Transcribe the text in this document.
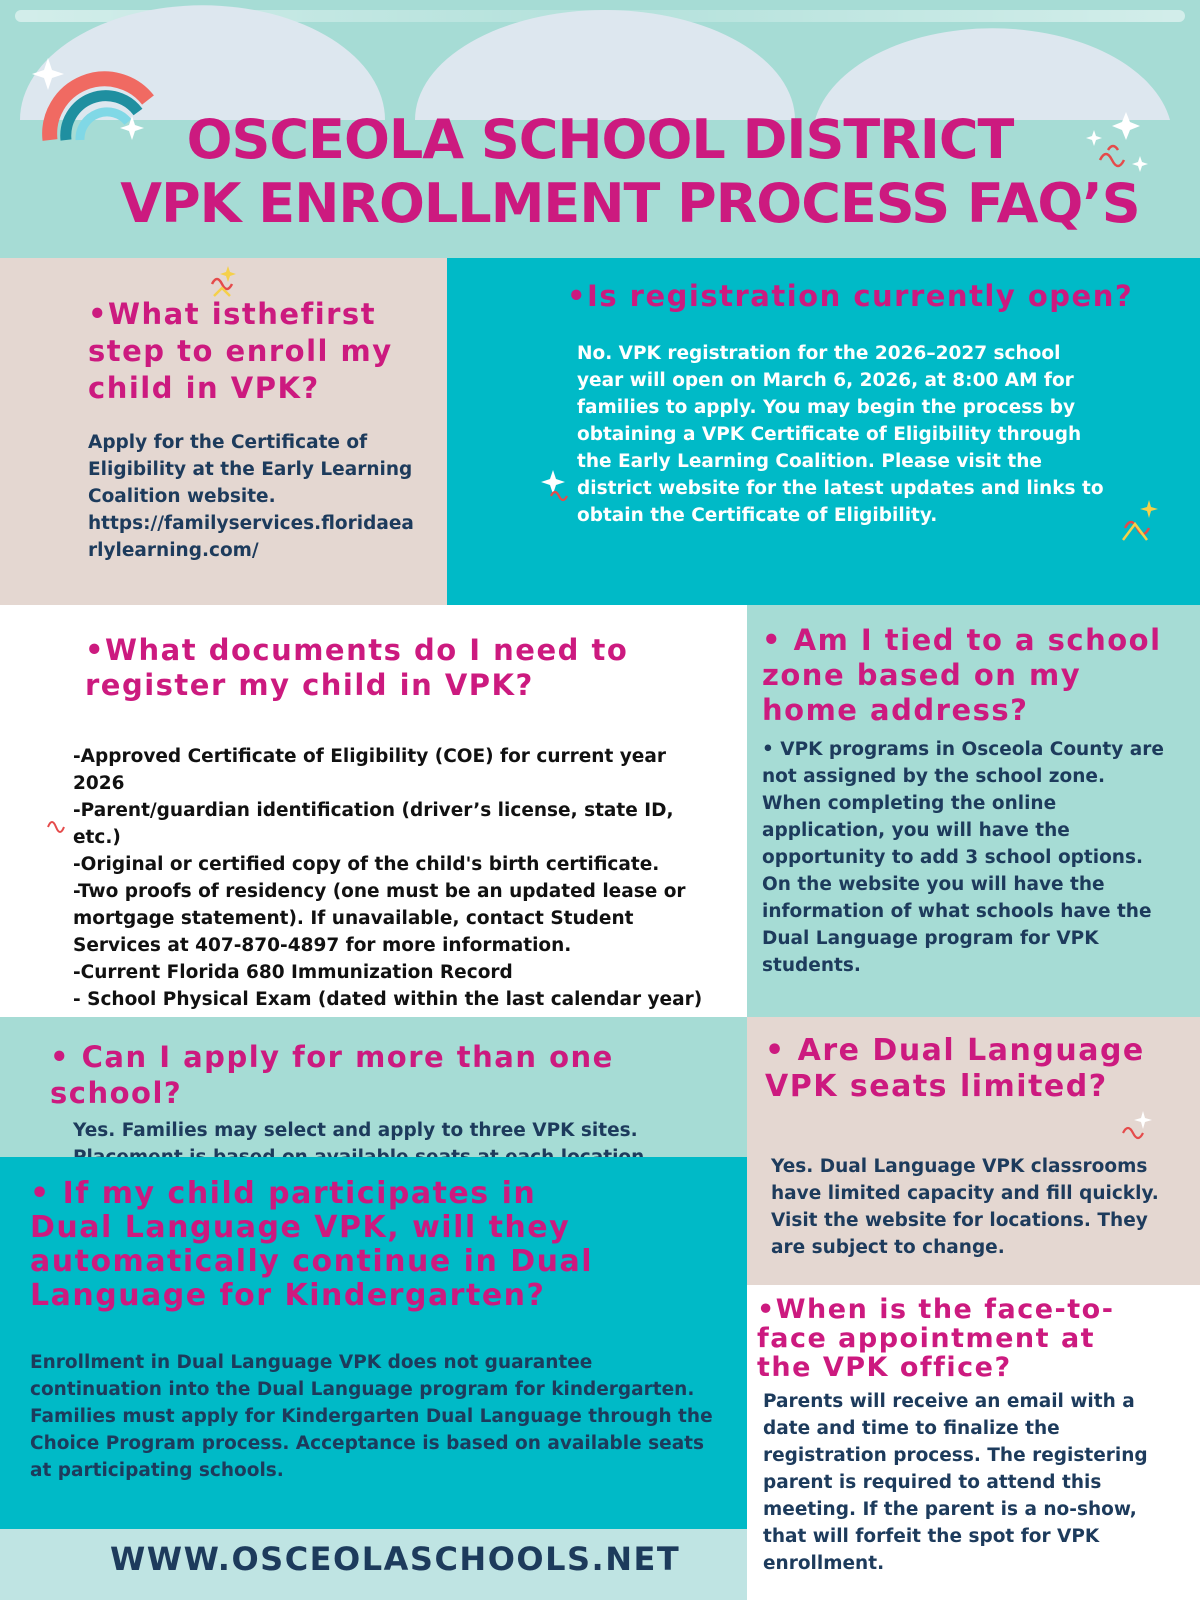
OSCEOLA SCHOOL DISTRICT
VPK ENROLLMENT PROCESS FAQ’S

•What isthefirst step to enroll my child in VPK?

Apply for the Certificate of Eligibility at the Early Learning Coalition website.

https://familyservices.floridaea rlylearning.com/

•Is registration currently open?

No. VPK registration for the 2026–2027 school year will open on March 6, 2026, at 8:00 AM for families to apply. You may begin the process by obtaining a VPK Certificate of Eligibility through the Early Learning Coalition. Please visit the district website for the latest updates and links to obtain the Certificate of Eligibility.

•What documents do I need to register my child in VPK?

-Approved Certificate of Eligibility (COE) for current year 2026
-Parent/guardian identification (driver’s license, state ID, etc.)
-Original or certified copy of the child's birth certificate.
-Two proofs of residency (one must be an updated lease or mortgage statement). If unavailable, contact Student Services at 407-870-4897 for more information.
-Current Florida 680 Immunization Record
- School Physical Exam (dated within the last calendar year)

• Am I tied to a school zone based on my home address?

• VPK programs in Osceola County are not assigned by the school zone. When completing the online application, you will have the opportunity to add 3 school options. On the website you will have the information of what schools have the Dual Language program for VPK students.

• Can I apply for more than one school?

Yes. Families may select and apply to three VPK sites.

• Are Dual Language VPK seats limited?

Yes. Dual Language VPK classrooms have limited capacity and fill quickly. Visit the website for locations. They are subject to change.

• If my child participates in Dual Language VPK, will they automatically continue in Dual Language for Kindergarten?

Enrollment in Dual Language VPK does not guarantee continuation into the Dual Language program for kindergarten. Families must apply for Kindergarten Dual Language through the Choice Program process. Acceptance is based on available seats at participating schools.

•When is the face-to-face appointment at the VPK office?

Parents will receive an email with a date and time to finalize the registration process. The registering parent is required to attend this meeting. If the parent is a no-show, that will forfeit the spot for VPK enrollment.

WWW.OSCEOLASCHOOLS.NET
